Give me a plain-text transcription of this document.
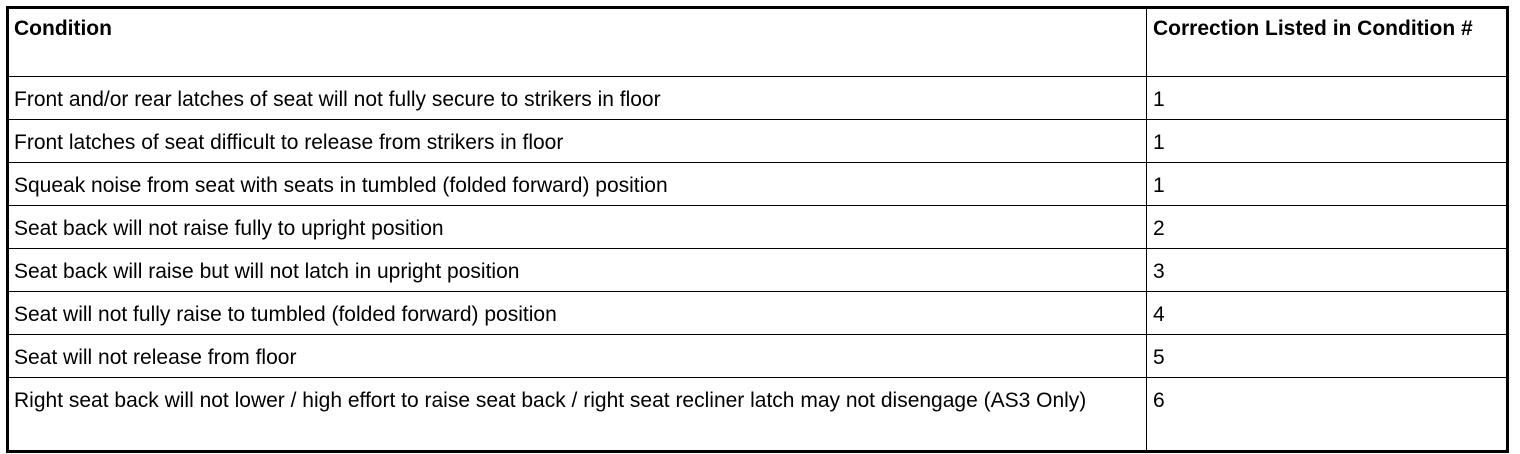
Condition	Correction Listed in Condition #
Front and/or rear latches of seat will not fully secure to strikers in floor	1
Front latches of seat difficult to release from strikers in floor	1
Squeak noise from seat with seats in tumbled (folded forward) position	1
Seat back will not raise fully to upright position	2
Seat back will raise but will not latch in upright position	3
Seat will not fully raise to tumbled (folded forward) position	4
Seat will not release from floor	5
Right seat back will not lower / high effort to raise seat back / right seat recliner latch may not disengage (AS3 Only)	6
